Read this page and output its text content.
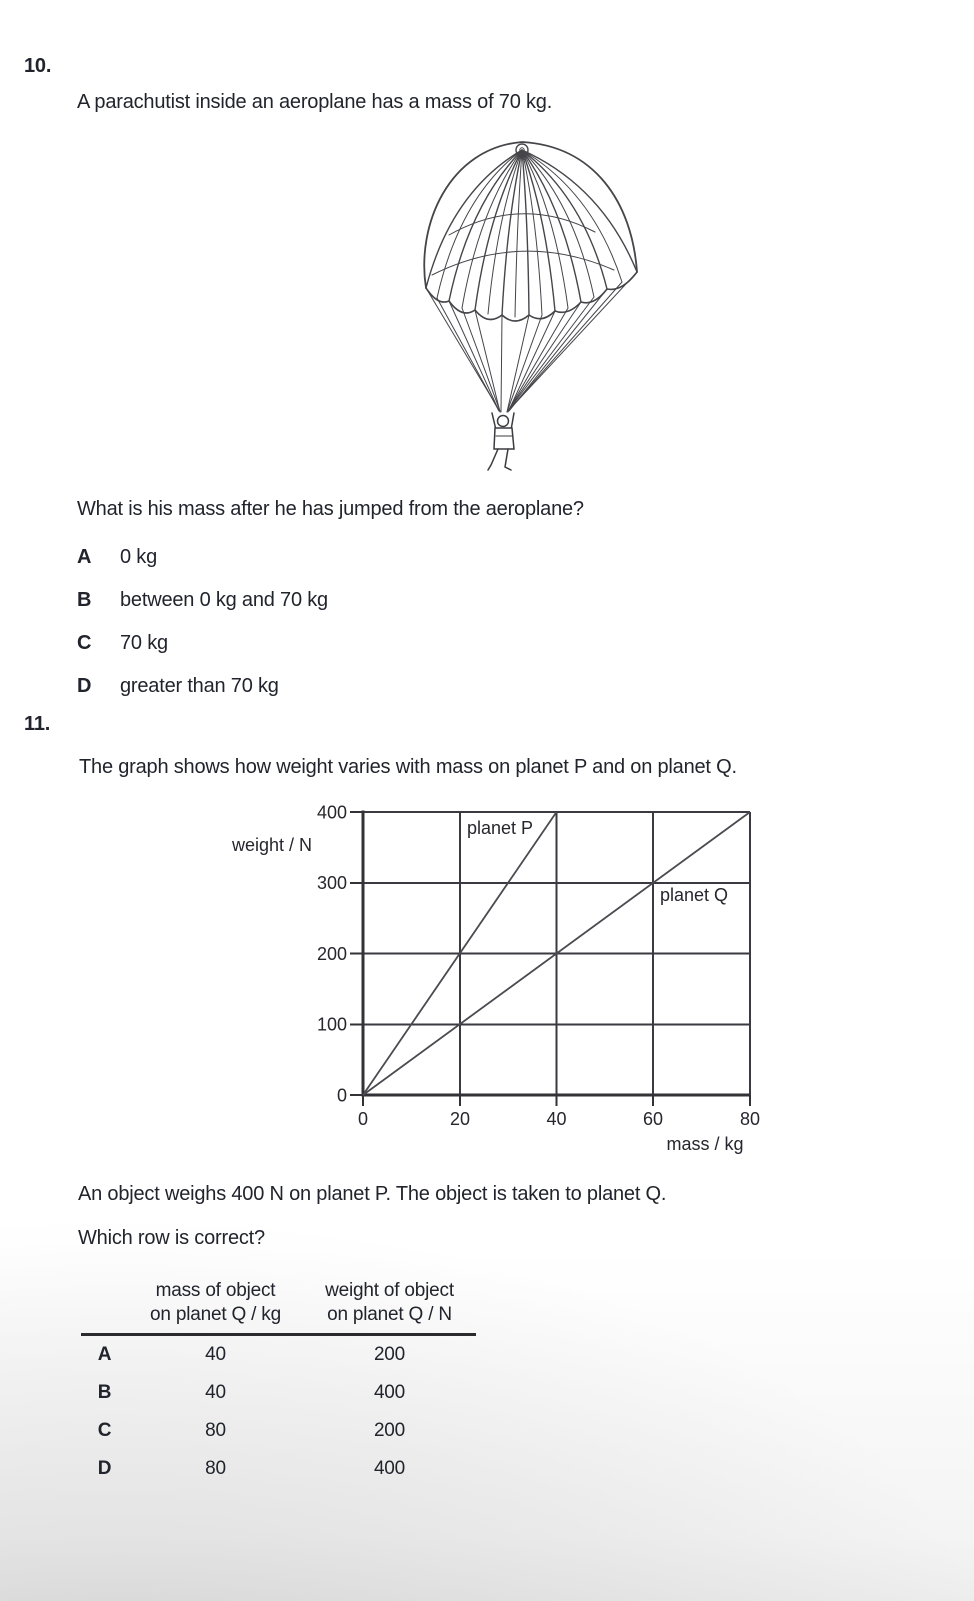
10.
A parachutist inside an aeroplane has a mass of 70 kg.
What is his mass after he has jumped from the aeroplane?
A 0 kg
B between 0 kg and 70 kg
C 70 kg
D greater than 70 kg
11.
The graph shows how weight varies with mass on planet P and on planet Q.
400
300
200
100
0
0	20	40	60	80
weight / N
mass / kg
planet P
planet Q
An object weighs 400 N on planet P. The object is taken to planet Q.
Which row is correct?
	mass of object
on planet Q / kg	weight of object
on planet Q / N
A	40	200
B	40	400
C	80	200
D	80	400
